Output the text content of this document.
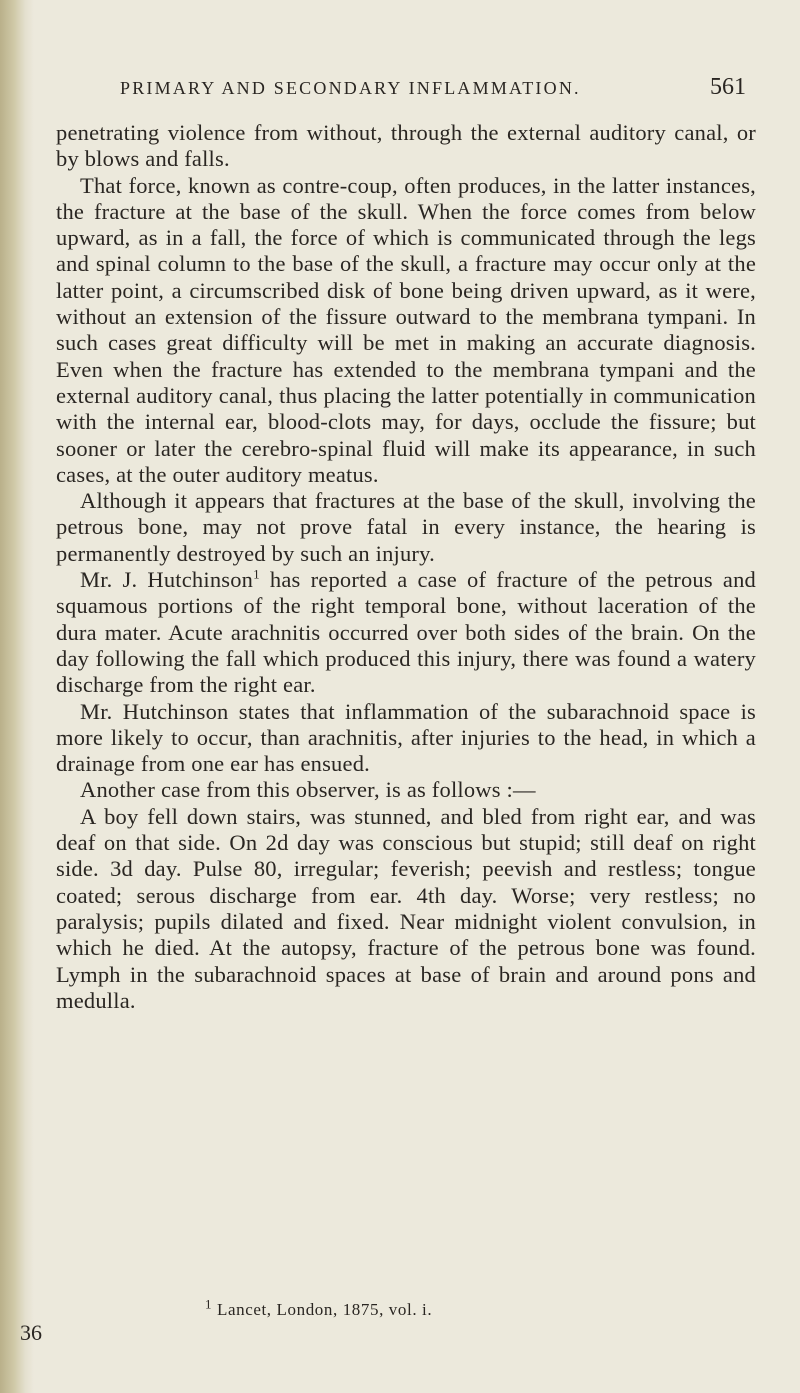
PRIMARY AND SECONDARY INFLAMMATION.	561

penetrating violence from without, through the external auditory canal, or by blows and falls.

That force, known as contre-coup, often produces, in the latter instances, the fracture at the base of the skull. When the force comes from below upward, as in a fall, the force of which is communicated through the legs and spinal column to the base of the skull, a fracture may occur only at the latter point, a circumscribed disk of bone being driven upward, as it were, without an extension of the fissure outward to the membrana tympani. In such cases great difficulty will be met in making an accurate diagnosis. Even when the fracture has extended to the membrana tympani and the external auditory canal, thus placing the latter potentially in communication with the internal ear, blood-clots may, for days, occlude the fissure; but sooner or later the cerebro-spinal fluid will make its appearance, in such cases, at the outer auditory meatus.

Although it appears that fractures at the base of the skull, involving the petrous bone, may not prove fatal in every instance, the hearing is permanently destroyed by such an injury.

Mr. J. Hutchinson$^1$ has reported a case of fracture of the petrous and squamous portions of the right temporal bone, without laceration of the dura mater. Acute arachnitis occurred over both sides of the brain. On the day following the fall which produced this injury, there was found a watery discharge from the right ear.

Mr. Hutchinson states that inflammation of the subarachnoid space is more likely to occur, than arachnitis, after injuries to the head, in which a drainage from one ear has ensued.

Another case from this observer, is as follows :—

A boy fell down stairs, was stunned, and bled from right ear, and was deaf on that side. On 2d day was conscious but stupid; still deaf on right side. 3d day. Pulse 80, irregular; feverish; peevish and restless; tongue coated; serous discharge from ear. 4th day. Worse; very restless; no paralysis; pupils dilated and fixed. Near midnight violent convulsion, in which he died. At the autopsy, fracture of the petrous bone was found. Lymph in the subarachnoid spaces at base of brain and around pons and medulla.

36
$^1$ Lancet, London, 1875, vol. i.
